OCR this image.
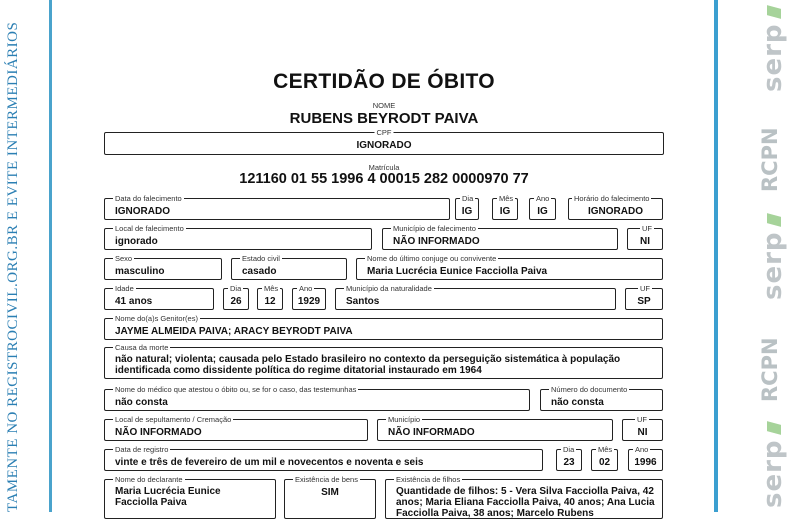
TAMENTE NO REGISTROCIVIL.ORG.BR E EVITE INTERMEDIÁRIOS	serp
RCPN
serp
RCPN
serp
CERTIDÃO DE ÓBITO
NOME
RUBENS BEYRODT PAIVA
CPF
IGNORADO
Matrícula
121160 01 55 1996 4 00015 282 0000970 77
Data do falecimento
IGNORADO
Dia
IG
Mês
IG
Ano
IG
Horário do falecimento
IGNORADO
Local de falecimento
ignorado
Município de falecimento
NÃO INFORMADO
UF
NI
Sexo
masculino
Estado civil
casado
Nome do último conjuge ou convivente
Maria Lucrécia Eunice Facciolla Paiva
Idade
41 anos
Dia
26
Mês
12
Ano
1929
Município da naturalidade
Santos
UF
SP
Nome do(a)s Genitor(es)
JAYME ALMEIDA PAIVA; ARACY BEYRODT PAIVA
Causa da morte
não natural; violenta; causada pelo Estado brasileiro no contexto da perseguição sistemática à população identificada como dissidente política do regime ditatorial instaurado em 1964
Nome do médico que atestou o óbito ou, se for o caso, das testemunhas
não consta
Número do documento
não consta
Local de sepultamento / Cremação
NÃO INFORMADO
Município
NÃO INFORMADO
UF
NI
Data de registro
vinte e três de fevereiro de um mil e novecentos e noventa e seis
Dia
23
Mês
02
Ano
1996
Nome do declarante
Maria Lucrécia Eunice Facciolla Paiva
Existência de bens
SIM
Existência de filhos
Quantidade de filhos: 5 - Vera Silva Facciolla Paiva, 42 anos; Maria Eliana Facciolla Paiva, 40 anos; Ana Lucia Facciolla Paiva, 38 anos; Marcelo Rubens
